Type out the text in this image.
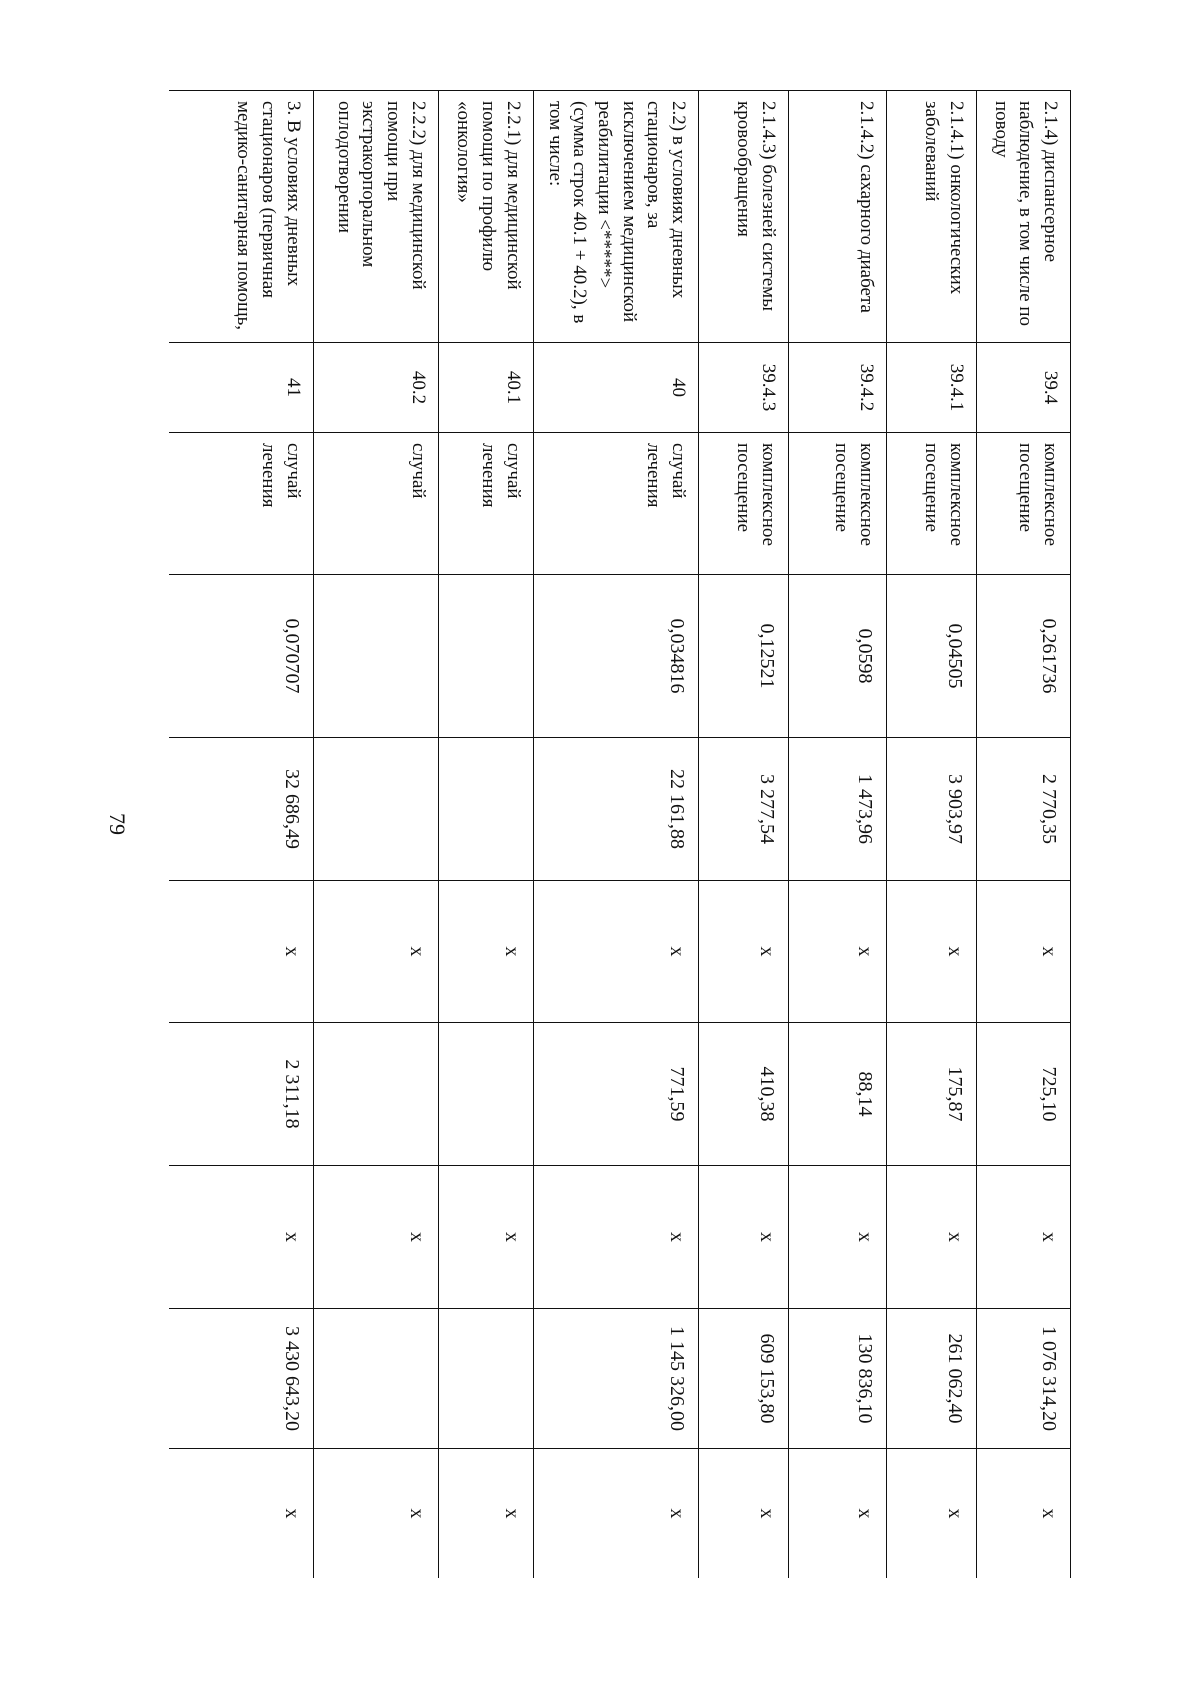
79
2.1.4) диспансерное наблюдение, в том числе по поводу	39.4	комплексное посещение	0,261736	2 770,35	x	725,10	x	1 076 314,20	x
2.1.4.1) онкологических заболеваний	39.4.1	комплексное посещение	0,04505	3 903,97	x	175,87	x	261 062,40	x
2.1.4.2) сахарного диабета	39.4.2	комплексное посещение	0,0598	1 473,96	x	88,14	x	130 836,10	x
2.1.4.3) болезней системы кровообращения	39.4.3	комплексное посещение	0,12521	3 277,54	x	410,38	x	609 153,80	x
2.2) в условиях дневных стационаров, за исключением медицинской реабилитации <*****> (сумма строк 40.1 + 40.2), в том числе:	40	случай лечения	0,034816	22 161,88	x	771,59	x	1 145 326,00	x
2.2.1) для медицинской помощи по профилю «онкология»	40.1	случай лечения			x		x		x
2.2.2) для медицинской помощи при экстракорпоральном оплодотворении	40.2	случай			x		x		x
3. В условиях дневных стационаров (первичная медико-санитарная помощь,	41	случай лечения	0,070707	32 686,49	x	2 311,18	x	3 430 643,20	x
